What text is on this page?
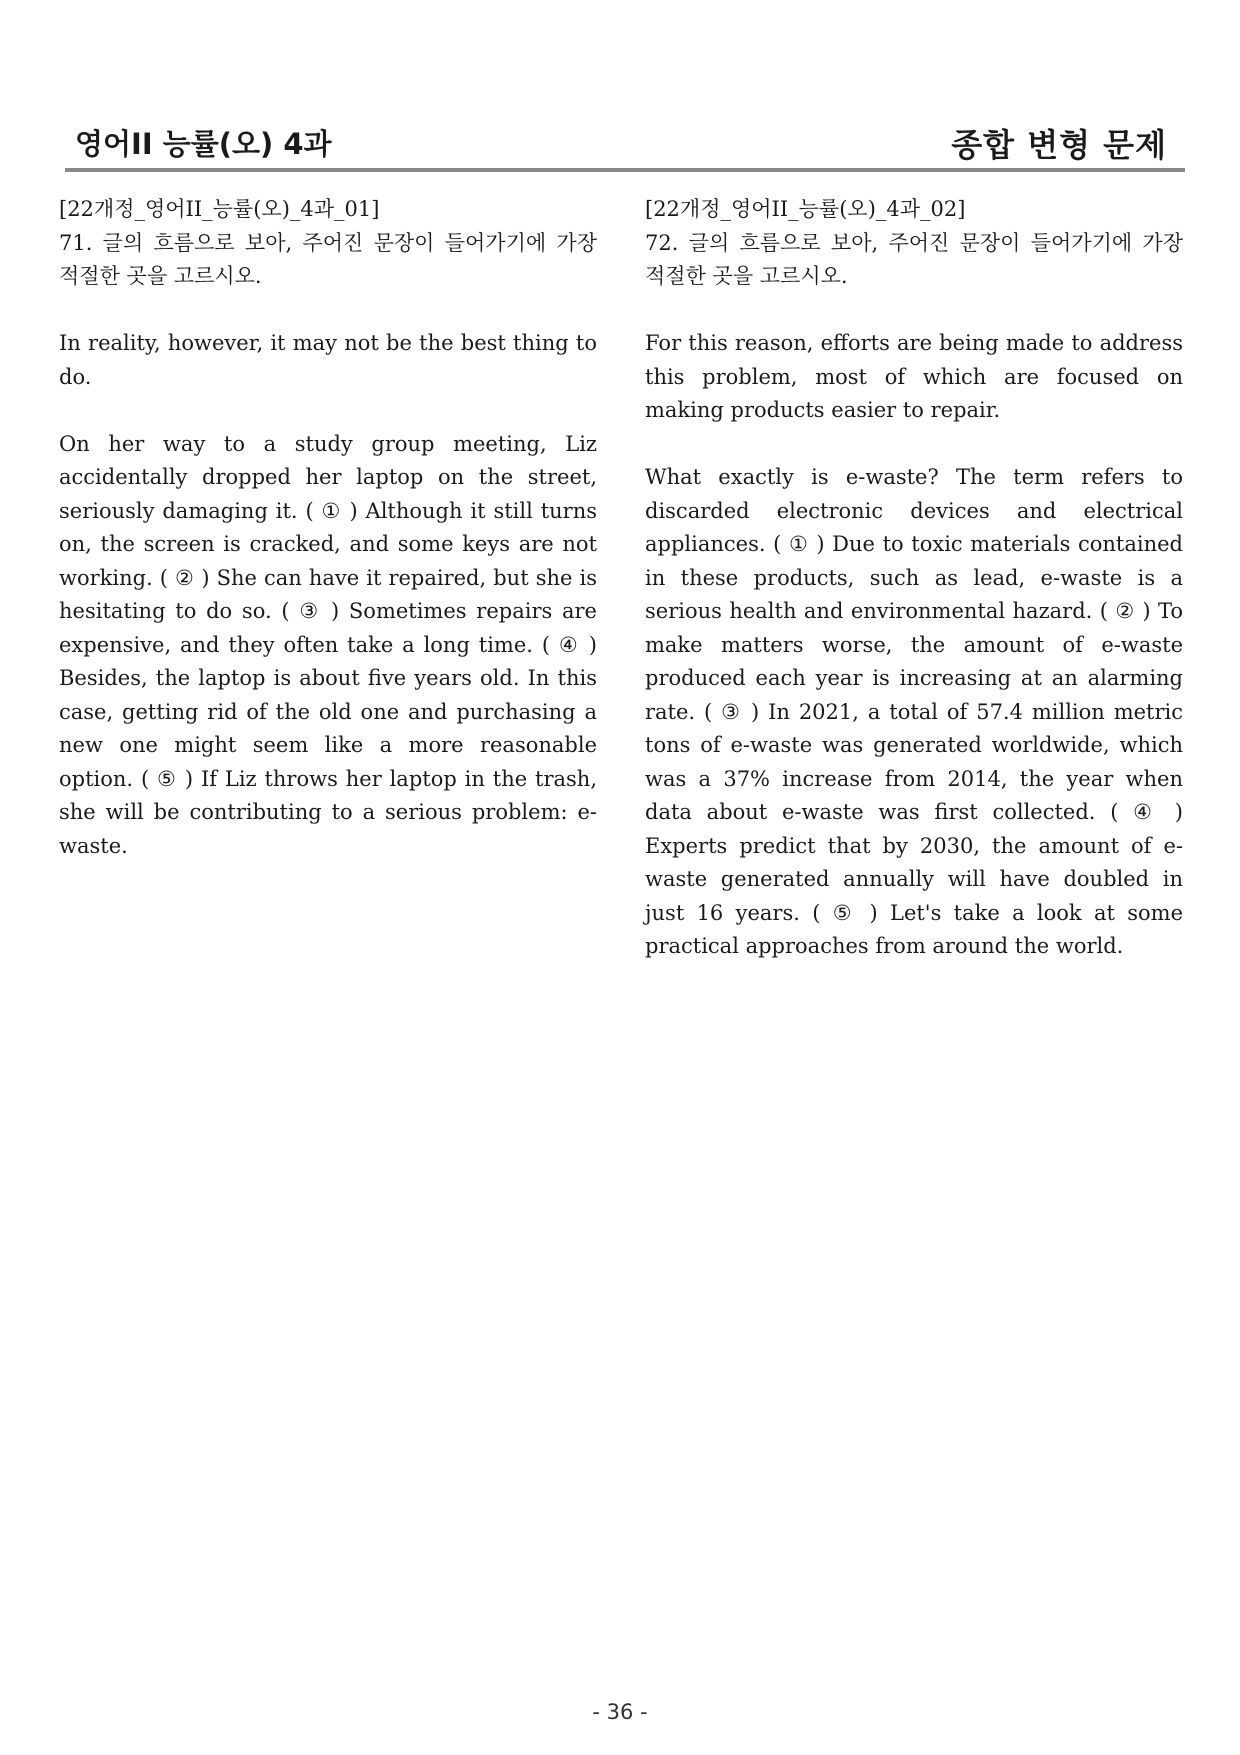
영어II 능률(오) 4과	종합 변형 문제

[22개정_영어II_능률(오)_4과_01]

71. 글의 흐름으로 보아, 주어진 문장이 들어가기에 가장 적절한 곳을 고르시오.

In reality, however, it may not be the best thing to do.

On her way to a study group meeting, Liz accidentally dropped her laptop on the street, seriously damaging it. ( ① ) Although it still turns on, the screen is cracked, and some keys are not working. ( ② ) She can have it repaired, but she is hesitating to do so. ( ③ ) Sometimes repairs are expensive, and they often take a long time. ( ④ ) Besides, the laptop is about five years old. In this case, getting rid of the old one and purchasing a new one might seem like a more reasonable option. ( ⑤ ) If Liz throws her laptop in the trash, she will be contributing to a serious problem: e-waste.

[22개정_영어II_능률(오)_4과_02]

72. 글의 흐름으로 보아, 주어진 문장이 들어가기에 가장 적절한 곳을 고르시오.

For this reason, efforts are being made to address this problem, most of which are focused on making products easier to repair.

What exactly is e-waste? The term refers to discarded electronic devices and electrical appliances. ( ① ) Due to toxic materials contained in these products, such as lead, e-waste is a serious health and environmental hazard. ( ② ) To make matters worse, the amount of e-waste produced each year is increasing at an alarming rate. ( ③ ) In 2021, a total of 57.4 million metric tons of e-waste was generated worldwide, which was a 37% increase from 2014, the year when data about e-waste was first collected. ( ④ ) Experts predict that by 2030, the amount of e-waste generated annually will have doubled in just 16 years. ( ⑤ ) Let's take a look at some practical approaches from around the world.

- 36 -
